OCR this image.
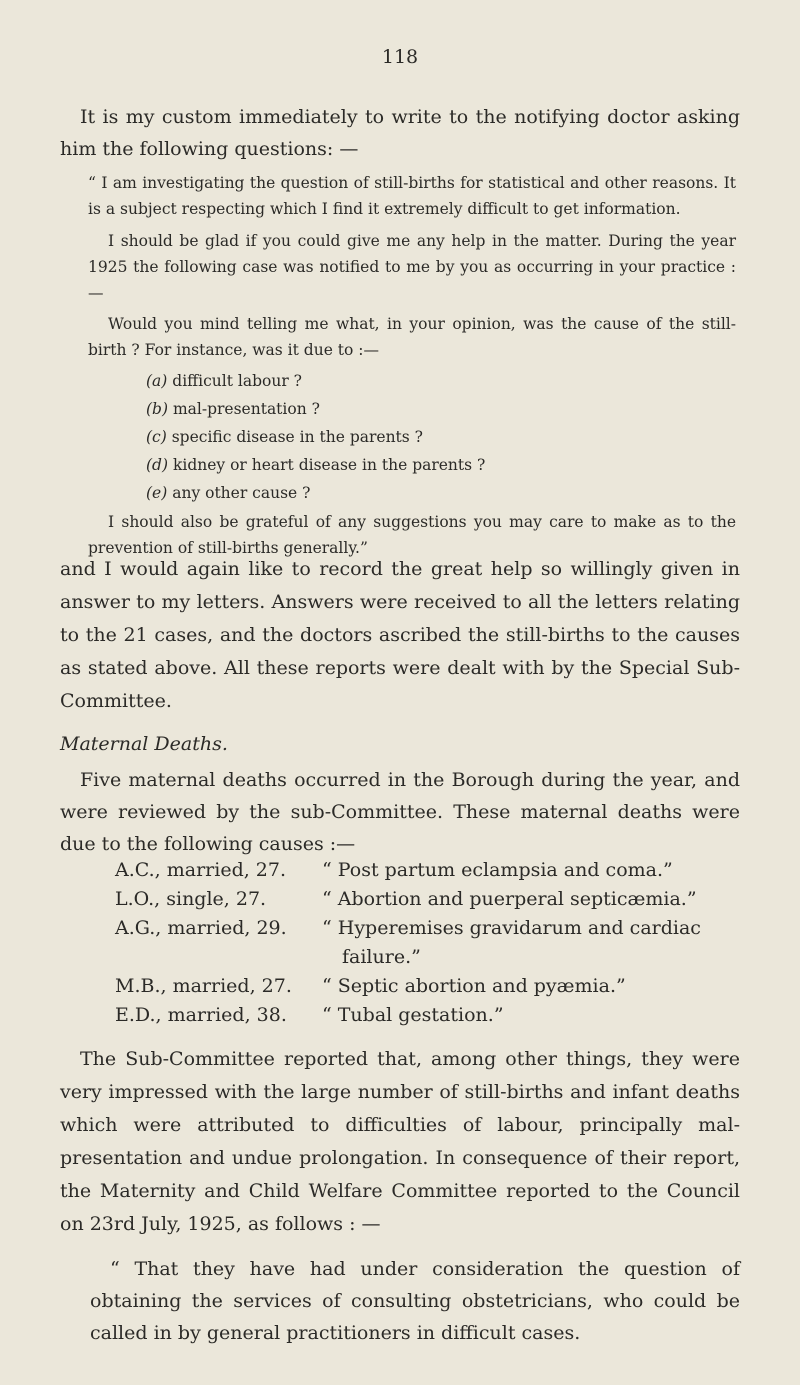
118

It is my custom immediately to write to the notifying doctor asking him the following questions: —

“ I am investigating the question of still-births for statistical and other reasons. It is a subject respecting which I find it extremely difficult to get information.

I should be glad if you could give me any help in the matter. During the year 1925 the following case was notified to me by you as occurring in your practice :—

Would you mind telling me what, in your opinion, was the cause of the still-birth ? For instance, was it due to :—

(a) difficult labour ?
(b) mal-presentation ?
(c) specific disease in the parents ?
(d) kidney or heart disease in the parents ?
(e) any other cause ?

I should also be grateful of any suggestions you may care to make as to the prevention of still-births generally.”

and I would again like to record the great help so willingly given in answer to my letters. Answers were received to all the letters relating to the 21 cases, and the doctors ascribed the still-births to the causes as stated above. All these reports were dealt with by the Special Sub-Committee.

Maternal Deaths.

Five maternal deaths occurred in the Borough during the year, and were reviewed by the sub-Committee. These maternal deaths were due to the following causes :—

A.C., married, 27.	“ Post partum eclampsia and coma.”
L.O., single, 27.	“ Abortion and puerperal septicæmia.”
A.G., married, 29.	“ Hyperemises gravidarum and cardiac
failure.”
M.B., married, 27.	“ Septic abortion and pyæmia.”
E.D., married, 38.	“ Tubal gestation.”

The Sub-Committee reported that, among other things, they were very impressed with the large number of still-births and infant deaths which were attributed to difficulties of labour, principally mal-presentation and undue prolongation. In consequence of their report, the Maternity and Child Welfare Committee reported to the Council on 23rd July, 1925, as follows : —

“ That they have had under consideration the question of obtaining the services of consulting obstetricians, who could be called in by general practitioners in difficult cases.
